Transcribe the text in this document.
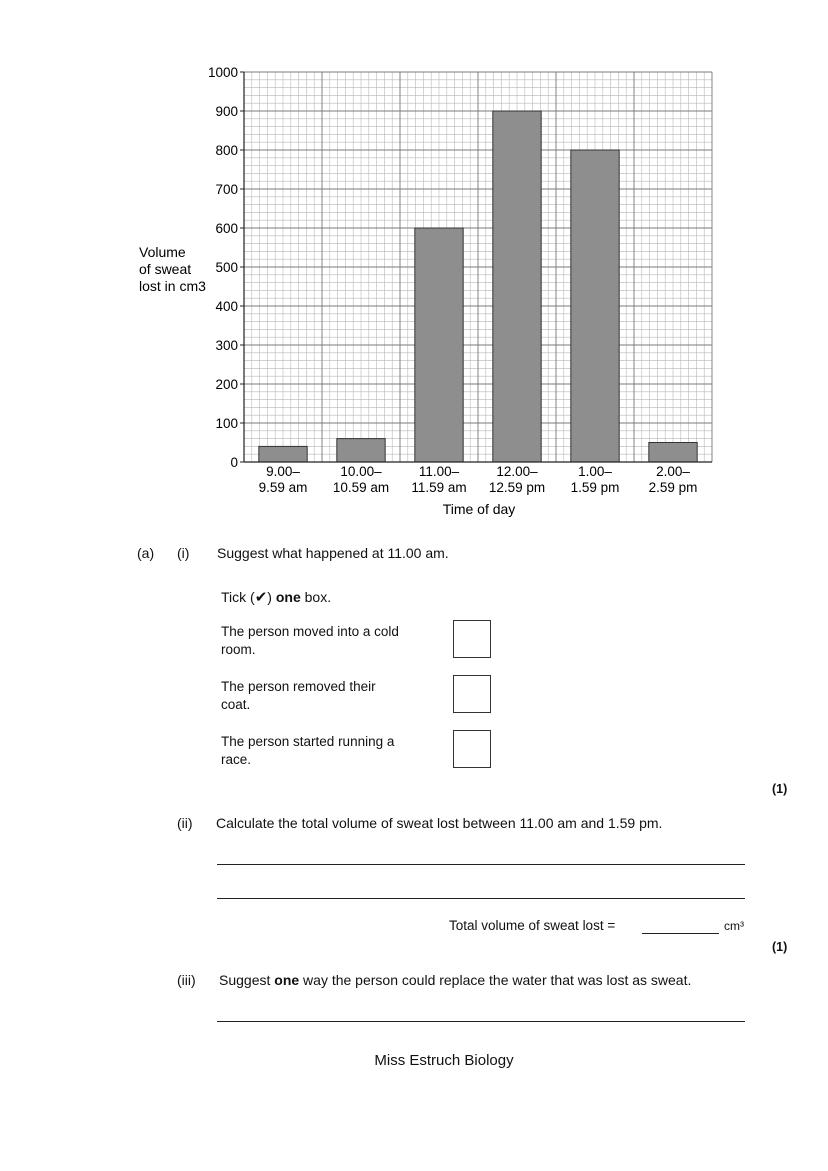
0
100
200
300
400
500
600
700
800
900
1000
9.00–
9.59 am
10.00–
10.59 am
11.00–
11.59 am
12.00–
12.59 pm
1.00–
1.59 pm
2.00–
2.59 pm
Volume
of sweat
lost in cm3
Time of day
(a) (i) Suggest what happened at 11.00 am.
Tick (✔) one box.
The person moved into a cold
room.
The person removed their
coat.
The person started running a
race.
(1)
(ii) Calculate the total volume of sweat lost between 11.00 am and 1.59 pm.
Total volume of sweat lost =	cm³
(1)
(iii) Suggest one way the person could replace the water that was lost as sweat.
Miss Estruch Biology
